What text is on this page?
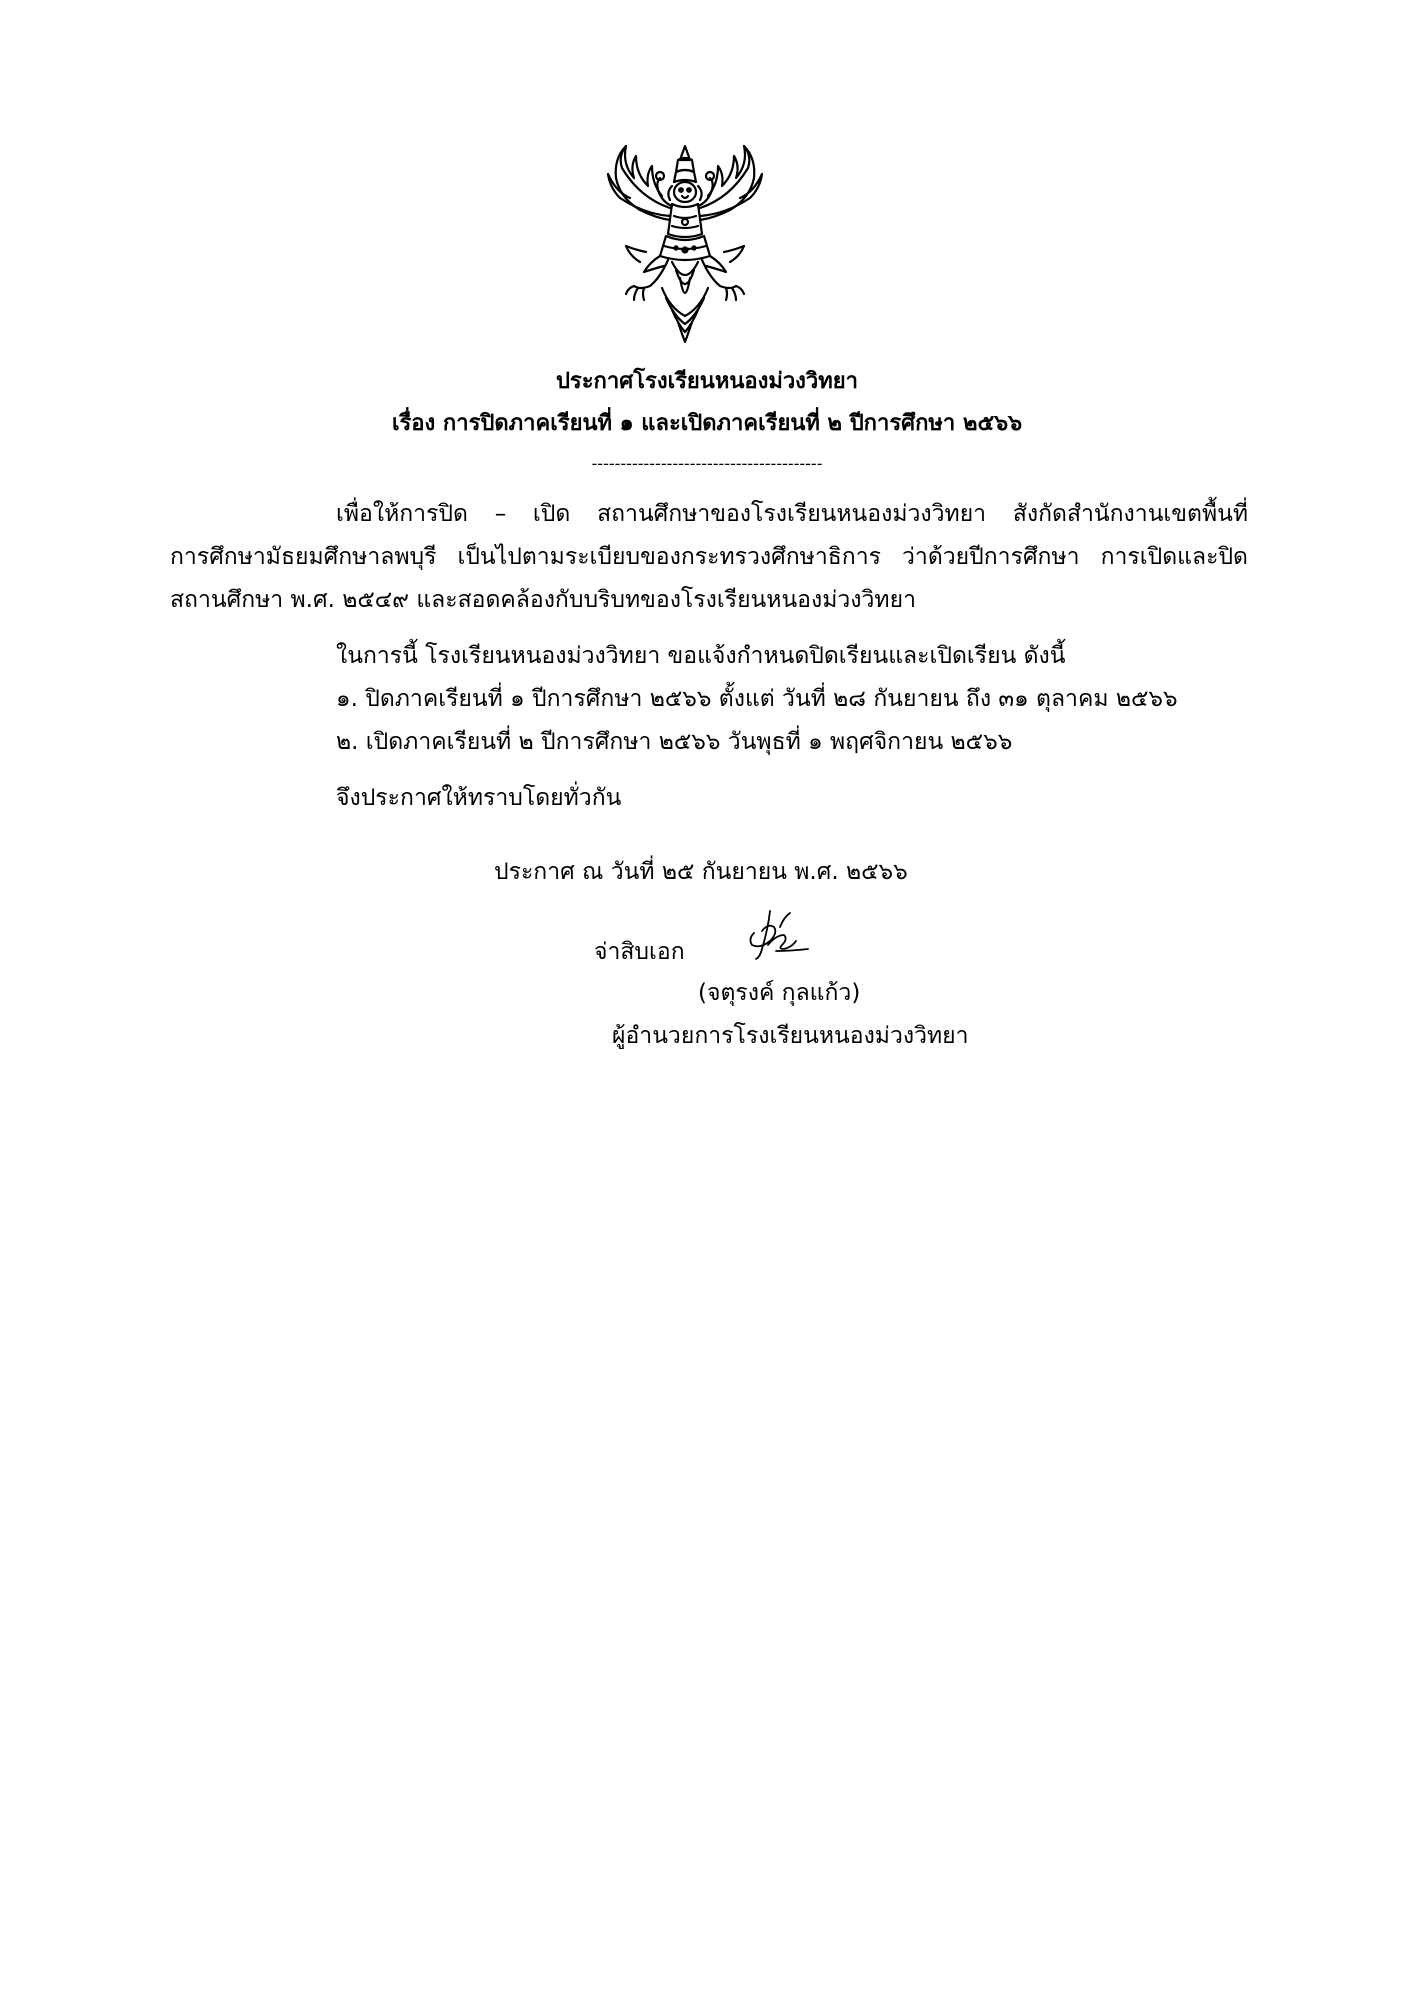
ประกาศโรงเรียนหนองม่วงวิทยา
เรื่อง การปิดภาคเรียนที่ ๑ และเปิดภาคเรียนที่ ๒ ปีการศึกษา ๒๕๖๖
----------------------------------------
เพื่อให้การปิด – เปิด สถานศึกษาของโรงเรียนหนองม่วงวิทยา สังกัดสำนักงานเขตพื้นที่
การศึกษามัธยมศึกษาลพบุรี เป็นไปตามระเบียบของกระทรวงศึกษาธิการ ว่าด้วยปีการศึกษา การเปิดและปิด
สถานศึกษา พ.ศ. ๒๕๔๙ และสอดคล้องกับบริบทของโรงเรียนหนองม่วงวิทยา
ในการนี้ โรงเรียนหนองม่วงวิทยา ขอแจ้งกำหนดปิดเรียนและเปิดเรียน ดังนี้
๑. ปิดภาคเรียนที่ ๑ ปีการศึกษา ๒๕๖๖ ตั้งแต่ วันที่ ๒๘ กันยายน ถึง ๓๑ ตุลาคม ๒๕๖๖
๒. เปิดภาคเรียนที่ ๒ ปีการศึกษา ๒๕๖๖ วันพุธที่ ๑ พฤศจิกายน ๒๕๖๖
จึงประกาศให้ทราบโดยทั่วกัน
ประกาศ ณ วันที่ ๒๕ กันยายน พ.ศ. ๒๕๖๖
จ่าสิบเอก
(จตุรงค์ กุลแก้ว)
ผู้อำนวยการโรงเรียนหนองม่วงวิทยา
